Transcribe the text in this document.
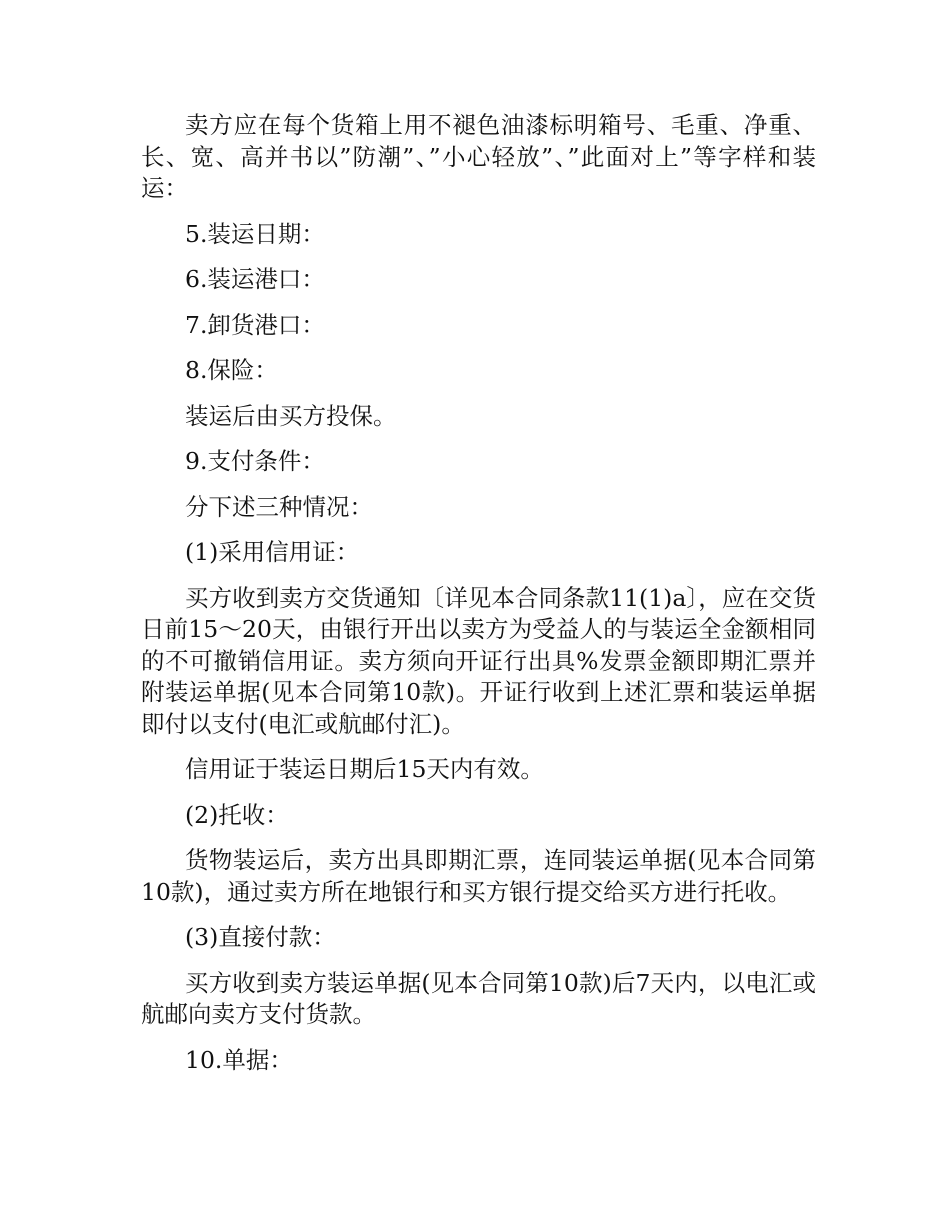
卖方应在每个货箱上用不褪色油漆标明箱号、毛重、净重、长、宽、高并书以”防潮”、”小心轻放”、”此面对上”等字样和装运：

5.装运日期：

6.装运港口：

7.卸货港口：

8.保险：

装运后由买方投保。

9.支付条件：

分下述三种情况：

(1)采用信用证：

买方收到卖方交货通知〔详见本合同条款11(1)a〕，应在交货日前15～20天，由银行开出以卖方为受益人的与装运全金额相同的不可撤销信用证。卖方须向开证行出具%发票金额即期汇票并附装运单据(见本合同第10款)。开证行收到上述汇票和装运单据即付以支付(电汇或航邮付汇)。

信用证于装运日期后15天内有效。

(2)托收：

货物装运后，卖方出具即期汇票，连同装运单据(见本合同第10款)，通过卖方所在地银行和买方银行提交给买方进行托收。

(3)直接付款：

买方收到卖方装运单据(见本合同第10款)后7天内，以电汇或航邮向卖方支付货款。

10.单据：
